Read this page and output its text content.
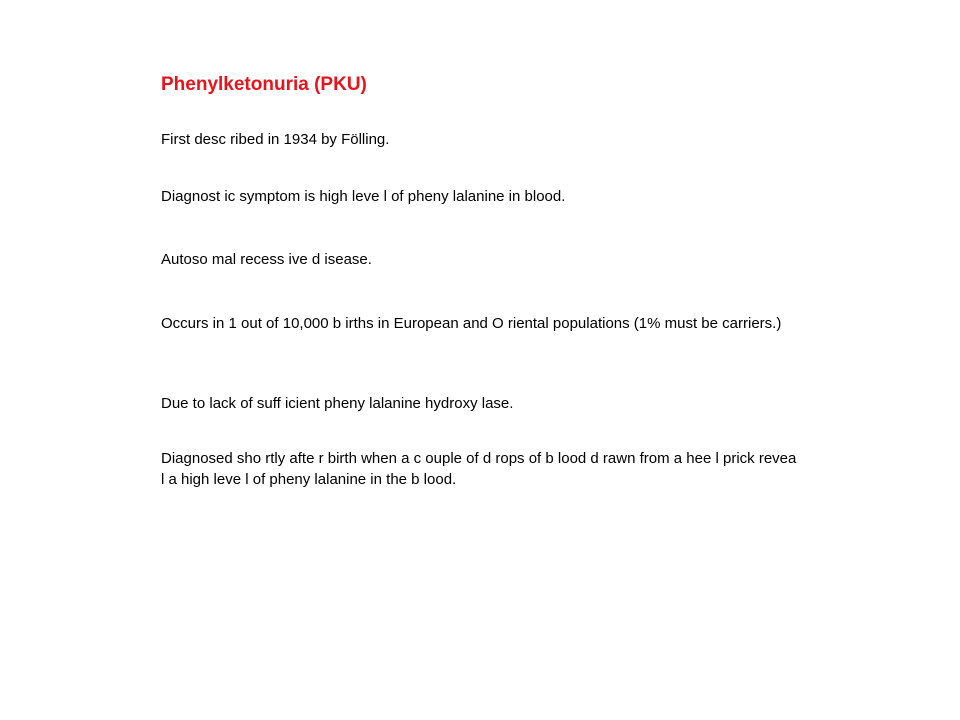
Phenylketonuria (PKU)

First desc ribed in 1934 by Fölling.

Diagnost ic symptom is high leve l of pheny lalanine in blood.

Autoso mal recess ive d isease.

Occurs in 1 out of 10,000 b irths in European and O riental populations (1% must be carriers.)

Due to lack of suff icient pheny lalanine hydroxy lase.

Diagnosed sho rtly afte r birth when a c ouple of d rops of b lood d rawn from a hee l prick revea l a high leve l of pheny lalanine in the b lood.
